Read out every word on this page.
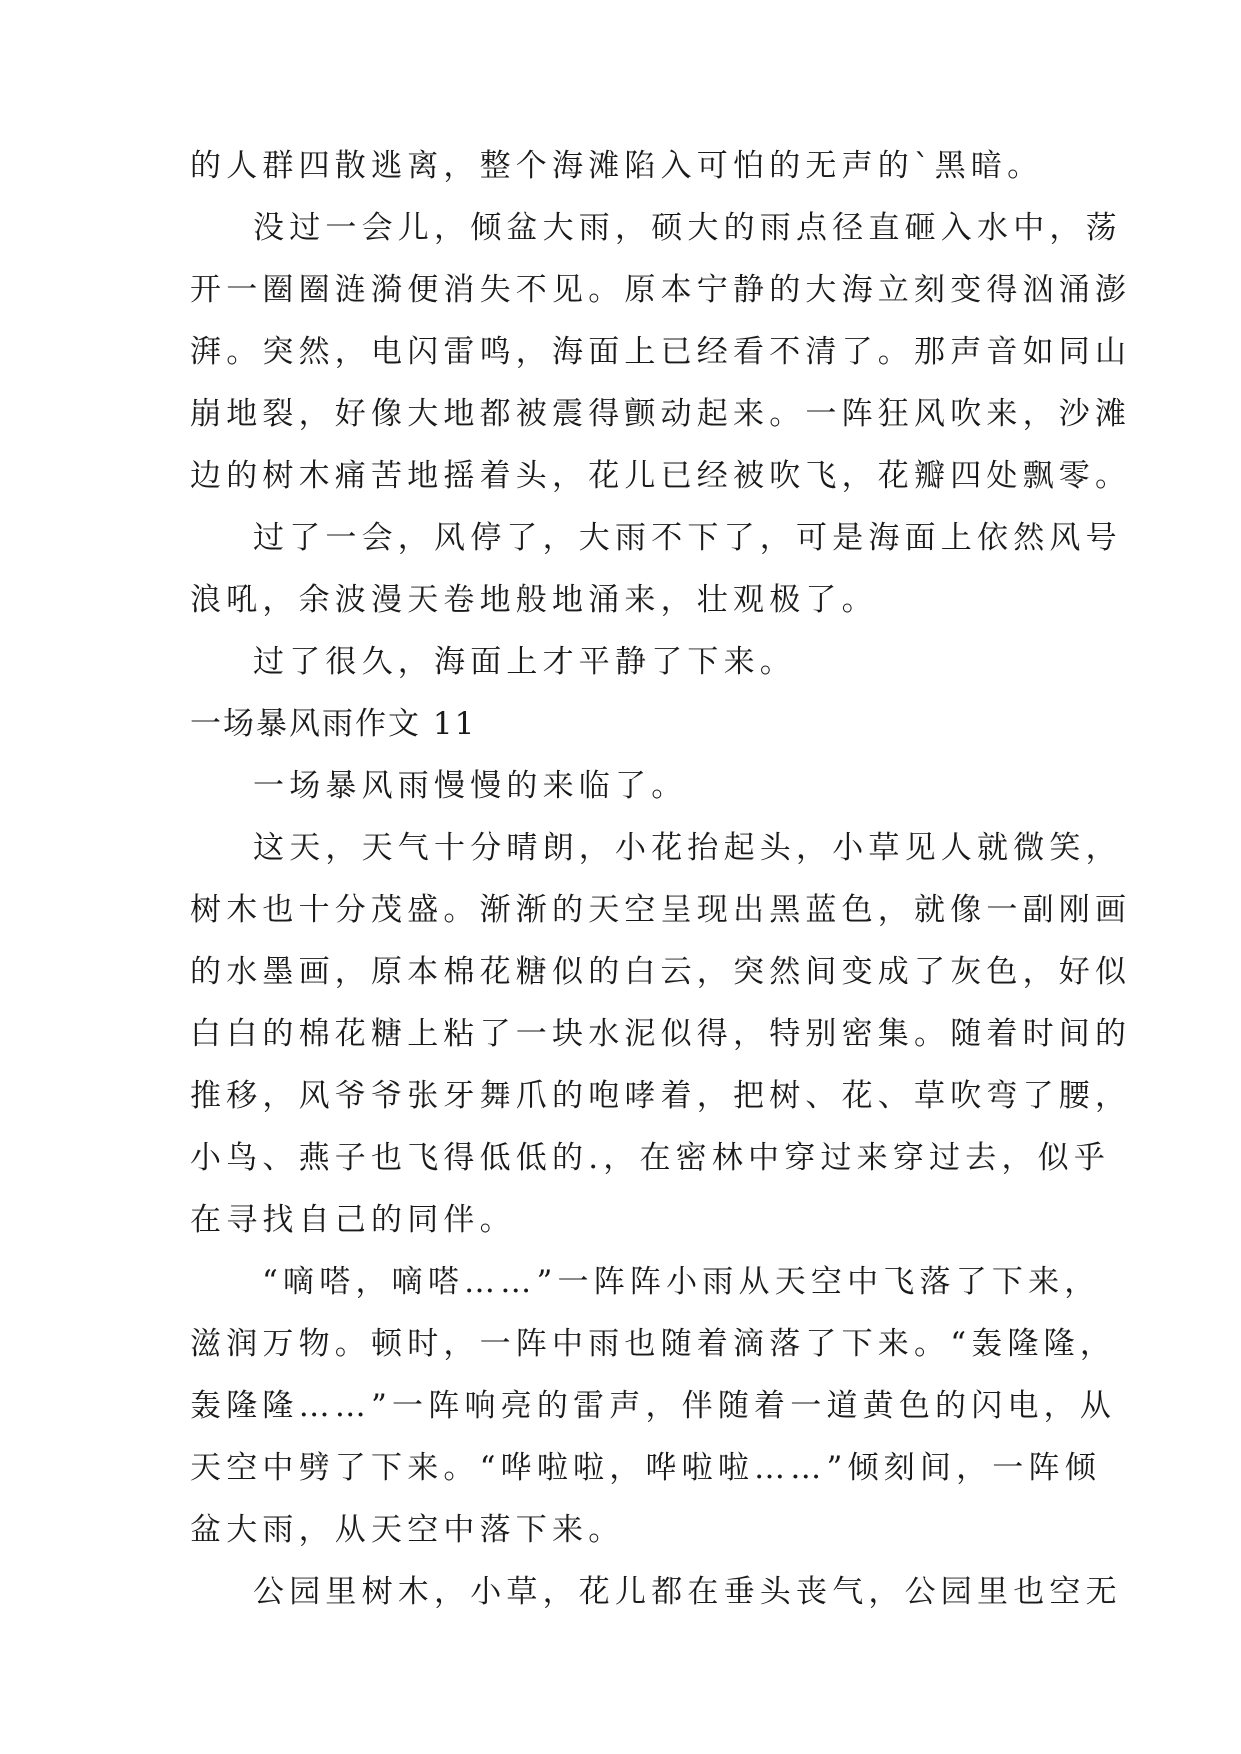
的人群四散逃离，整个海滩陷入可怕的无声的`黑暗。
没过一会儿，倾盆大雨，硕大的雨点径直砸入水中，荡
开一圈圈涟漪便消失不见。原本宁静的大海立刻变得汹涌澎
湃。突然，电闪雷鸣，海面上已经看不清了。那声音如同山
崩地裂，好像大地都被震得颤动起来。一阵狂风吹来，沙滩
边的树木痛苦地摇着头，花儿已经被吹飞，花瓣四处飘零。
过了一会，风停了，大雨不下了，可是海面上依然风号
浪吼，余波漫天卷地般地涌来，壮观极了。
过了很久，海面上才平静了下来。
一场暴风雨作文 11
一场暴风雨慢慢的来临了。
这天，天气十分晴朗，小花抬起头，小草见人就微笑，
树木也十分茂盛。渐渐的天空呈现出黑蓝色，就像一副刚画
的水墨画，原本棉花糖似的白云，突然间变成了灰色，好似
白白的棉花糖上粘了一块水泥似得，特别密集。随着时间的
推移，风爷爷张牙舞爪的咆哮着，把树、花、草吹弯了腰，
小鸟、燕子也飞得低低的.，在密林中穿过来穿过去，似乎
在寻找自己的同伴。
“嘀嗒，嘀嗒……”一阵阵小雨从天空中飞落了下来，
滋润万物。顿时，一阵中雨也随着滴落了下来。“轰隆隆，
轰隆隆……”一阵响亮的雷声，伴随着一道黄色的闪电，从
天空中劈了下来。“哗啦啦，哗啦啦……”倾刻间，一阵倾
盆大雨，从天空中落下来。
公园里树木，小草，花儿都在垂头丧气，公园里也空无
